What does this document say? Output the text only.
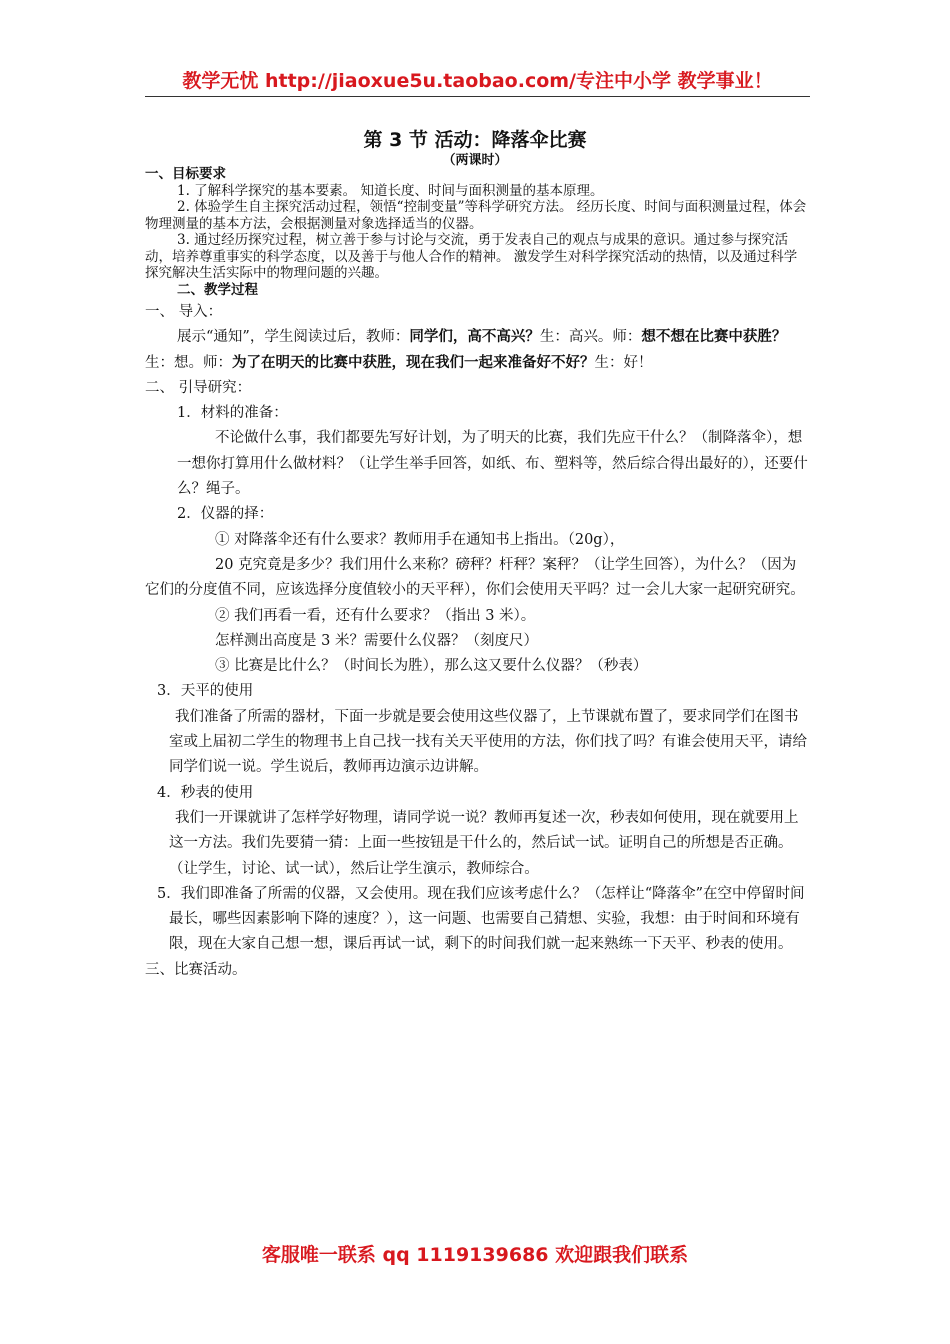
教学无忧 http://jiaoxue5u.taobao.com/专注中小学 教学事业！
第 3 节 活动：降落伞比赛
（两课时）

一、目标要求

1. 了解科学探究的基本要素。 知道长度、时间与面积测量的基本原理。

2. 体验学生自主探究活动过程，领悟“控制变量”等科学研究方法。 经历长度、时间与面积测量过程，体会物理测量的基本方法，会根据测量对象选择适当的仪器。

3. 通过经历探究过程，树立善于参与讨论与交流，勇于发表自己的观点与成果的意识。通过参与探究活动，培养尊重事实的科学态度，以及善于与他人合作的精神。 激发学生对科学探究活动的热情，以及通过科学探究解决生活实际中的物理问题的兴趣。

二、教学过程

一、 导入：

展示“通知”，学生阅读过后，教师：同学们，高不高兴？生：高兴。师：想不想在比赛中获胜？生：想。师：为了在明天的比赛中获胜，现在我们一起来准备好不好？生：好！

二、 引导研究：

1．材料的准备：

不论做什么事，我们都要先写好计划，为了明天的比赛，我们先应干什么？（制降落伞），想一想你打算用什么做材料？（让学生举手回答，如纸、布、塑料等，然后综合得出最好的），还要什么？绳子。

2．仪器的择：

① 对降落伞还有什么要求？教师用手在通知书上指出。（20g），

20 克究竟是多少？我们用什么来称？磅秤？杆秤？案秤？（让学生回答），为什么？（因为它们的分度值不同，应该选择分度值较小的天平秤），你们会使用天平吗？过一会儿大家一起研究研究。

② 我们再看一看，还有什么要求？（指出 3 米）。

怎样测出高度是 3 米？需要什么仪器？（刻度尺）

③ 比赛是比什么？（时间长为胜），那么这又要什么仪器？（秒表）

3．天平的使用

我们准备了所需的器材，下面一步就是要会使用这些仪器了，上节课就布置了，要求同学们在图书室或上届初二学生的物理书上自己找一找有关天平使用的方法，你们找了吗？有谁会使用天平，请给同学们说一说。学生说后，教师再边演示边讲解。

4．秒表的使用

我们一开课就讲了怎样学好物理，请同学说一说？教师再复述一次，秒表如何使用，现在就要用上这一方法。我们先要猜一猜：上面一些按钮是干什么的，然后试一试。证明自己的所想是否正确。（让学生，讨论、试一试），然后让学生演示，教师综合。

5．我们即准备了所需的仪器，又会使用。现在我们应该考虑什么？（怎样让“降落伞”在空中停留时间最长，哪些因素影响下降的速度？），这一问题、也需要自己猜想、实验，我想：由于时间和环境有限，现在大家自己想一想，课后再试一试，剩下的时间我们就一起来熟练一下天平、秒表的使用。

三、比赛活动。

客服唯一联系 qq 1119139686 欢迎跟我们联系
